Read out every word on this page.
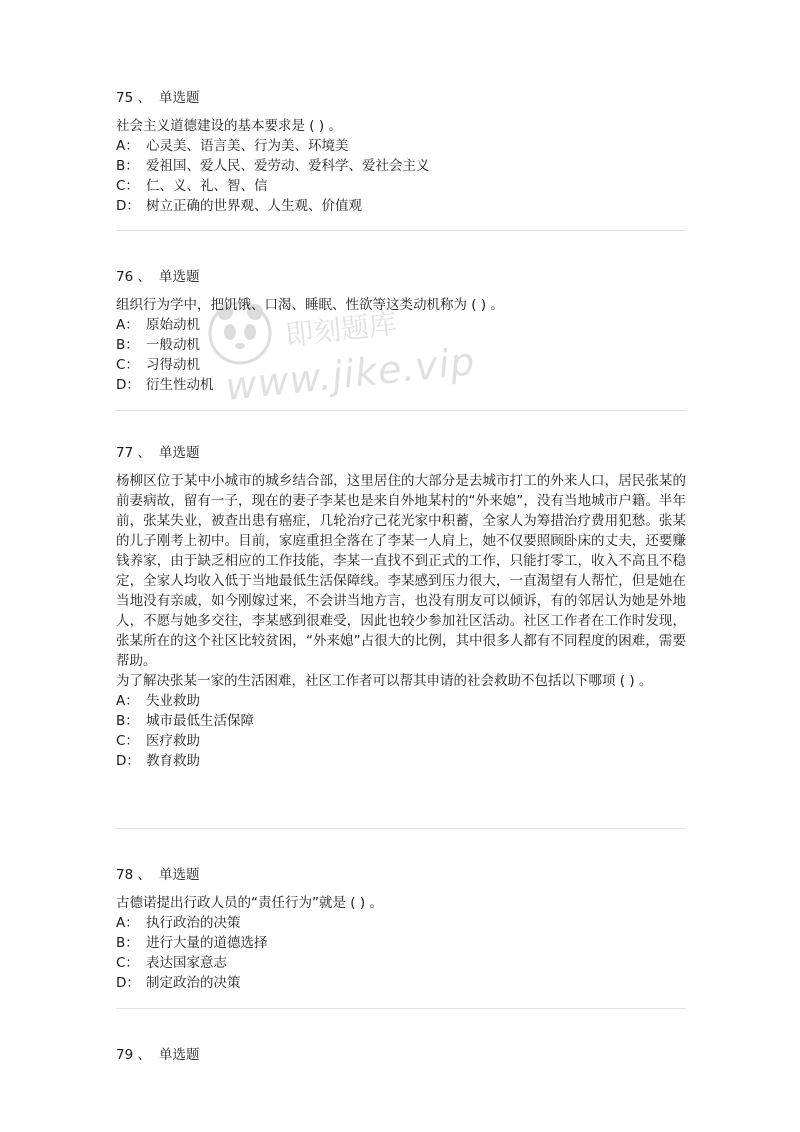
即刻题库
www.jike.vip
75 、 单选题

社会主义道德建设的基本要求是 ( ) 。

A： 心灵美、语言美、行为美、环境美
B： 爱祖国、爱人民、爱劳动、爱科学、爱社会主义
C： 仁、义、礼、智、信
D： 树立正确的世界观、人生观、价值观
76 、 单选题

组织行为学中，把饥饿、口渴、睡眠、性欲等这类动机称为 ( ) 。

A： 原始动机
B： 一般动机
C： 习得动机
D： 衍生性动机
77 、 单选题

杨柳区位于某中小城市的城乡结合部，这里居住的大部分是去城市打工的外来人口，居民张某的前妻病故，留有一子，现在的妻子李某也是来自外地某村的“外来媳”，没有当地城市户籍。半年前，张某失业，被查出患有癌症，几轮治疗己花光家中积蓄，全家人为筹措治疗费用犯愁。张某的儿子刚考上初中。目前，家庭重担全落在了李某一人肩上，她不仅要照顾卧床的丈夫，还要赚钱养家，由于缺乏相应的工作技能，李某一直找不到正式的工作，只能打零工，收入不高且不稳定，全家人均收入低于当地最低生活保障线。李某感到压力很大，一直渴望有人帮忙，但是她在当地没有亲戚，如今刚嫁过来，不会讲当地方言，也没有朋友可以倾诉，有的邻居认为她是外地人，不愿与她多交往，李某感到很难受，因此也较少参加社区活动。社区工作者在工作时发现，张某所在的这个社区比较贫困，“外来媳”占很大的比例，其中很多人都有不同程度的困难，需要帮助。

为了解决张某一家的生活困难，社区工作者可以帮其申请的社会救助不包括以下哪项 ( ) 。

A： 失业救助
B： 城市最低生活保障
C： 医疗救助
D： 教育救助
78 、 单选题

古德诺提出行政人员的“责任行为”就是 ( ) 。

A： 执行政治的决策
B： 进行大量的道德选择
C： 表达国家意志
D： 制定政治的决策
79 、 单选题
